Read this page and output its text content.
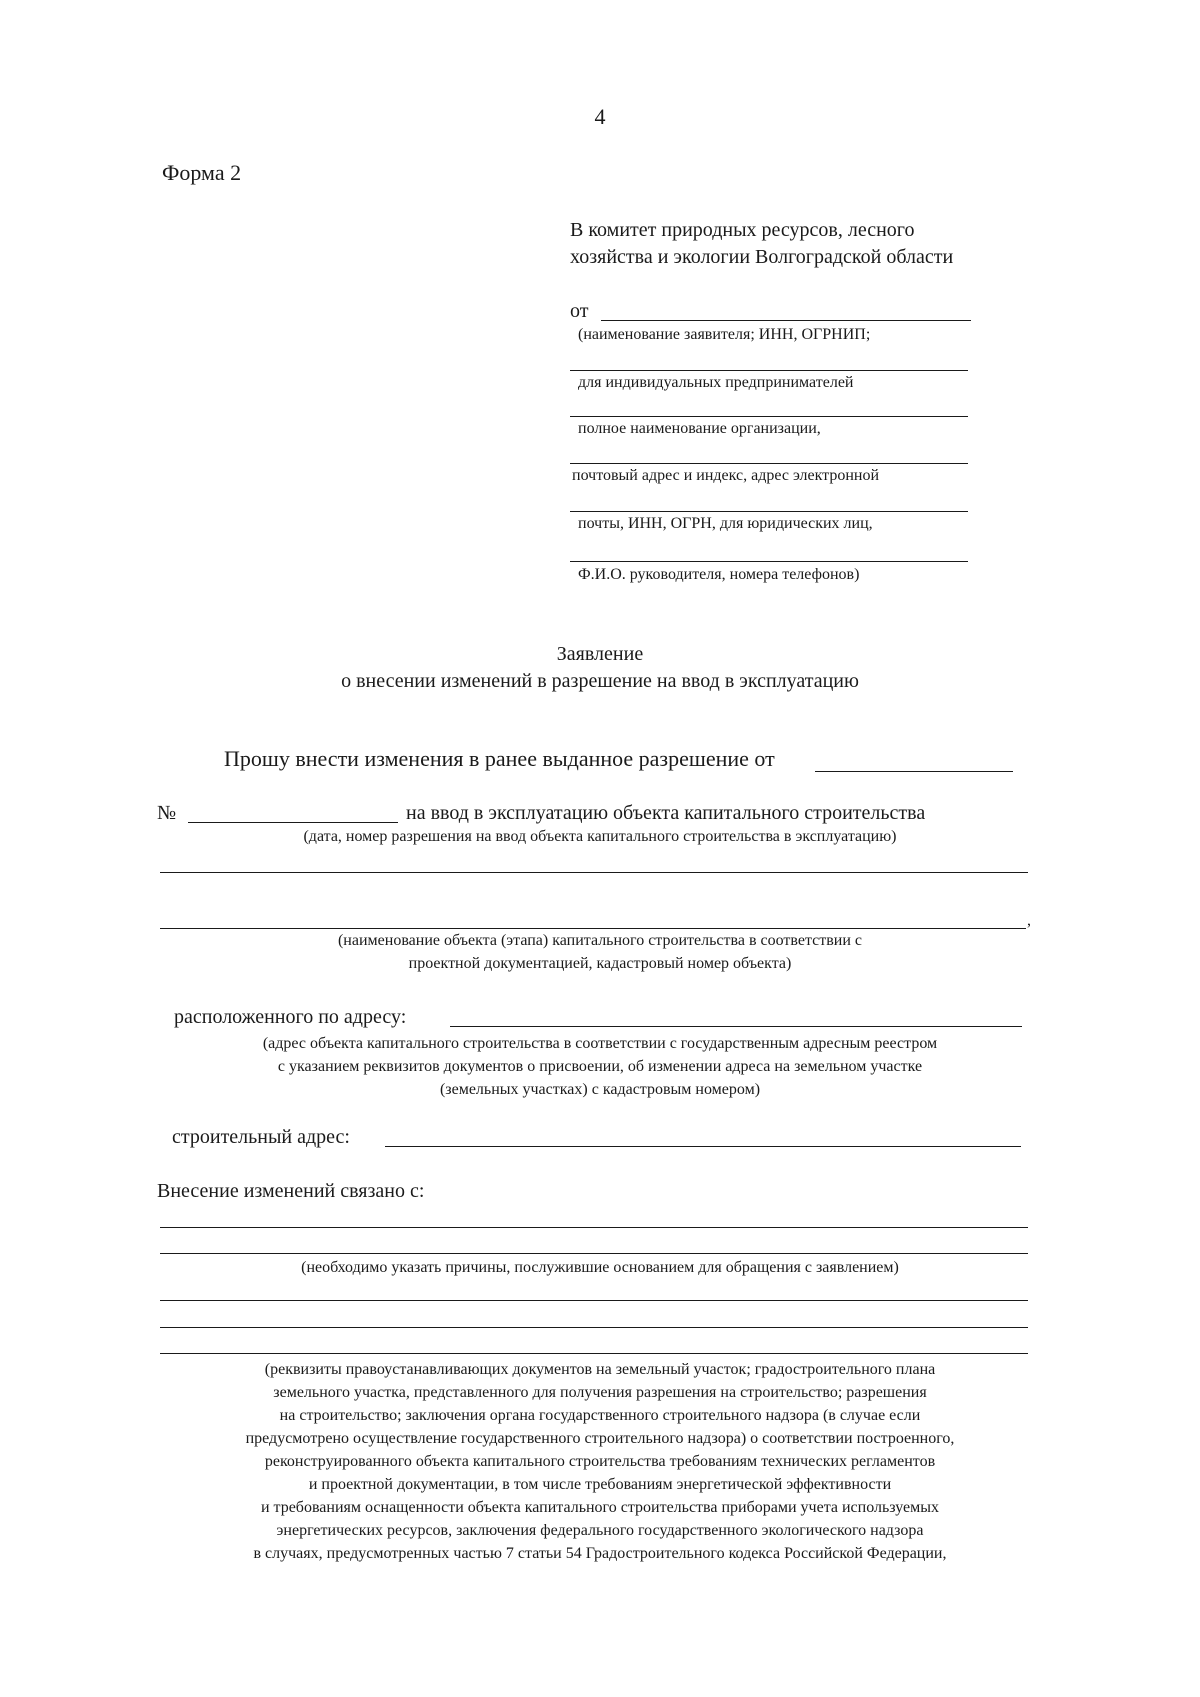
4
Форма 2
В комитет природных ресурсов, лесного
хозяйства и экологии Волгоградской области
от
(наименование заявителя; ИНН, ОГРНИП;
для индивидуальных предпринимателей
полное наименование организации,
почтовый адрес и индекс, адрес электронной
почты, ИНН, ОГРН, для юридических лиц,
Ф.И.О. руководителя, номера телефонов)
Заявление
о внесении изменений в разрешение на ввод в эксплуатацию
Прошу внести изменения в ранее выданное разрешение от
№	на ввод в эксплуатацию объекта капитального строительства
(дата, номер разрешения на ввод объекта капитального строительства в эксплуатацию)
,
(наименование объекта (этапа) капитального строительства в соответствии с
проектной документацией, кадастровый номер объекта)
расположенного по адресу:
(адрес объекта капитального строительства в соответствии с государственным адресным реестром
с указанием реквизитов документов о присвоении, об изменении адреса на земельном участке
(земельных участках) с кадастровым номером)
строительный адрес:
Внесение изменений связано с:
(необходимо указать причины, послужившие основанием для обращения с заявлением)
(реквизиты правоустанавливающих документов на земельный участок; градостроительного плана
земельного участка, представленного для получения разрешения на строительство; разрешения
на строительство; заключения органа государственного строительного надзора (в случае если
предусмотрено осуществление государственного строительного надзора) о соответствии построенного,
реконструированного объекта капитального строительства требованиям технических регламентов
и проектной документации, в том числе требованиям энергетической эффективности
и требованиям оснащенности объекта капитального строительства приборами учета используемых
энергетических ресурсов, заключения федерального государственного экологического надзора
в случаях, предусмотренных частью 7 статьи 54 Градостроительного кодекса Российской Федерации,
